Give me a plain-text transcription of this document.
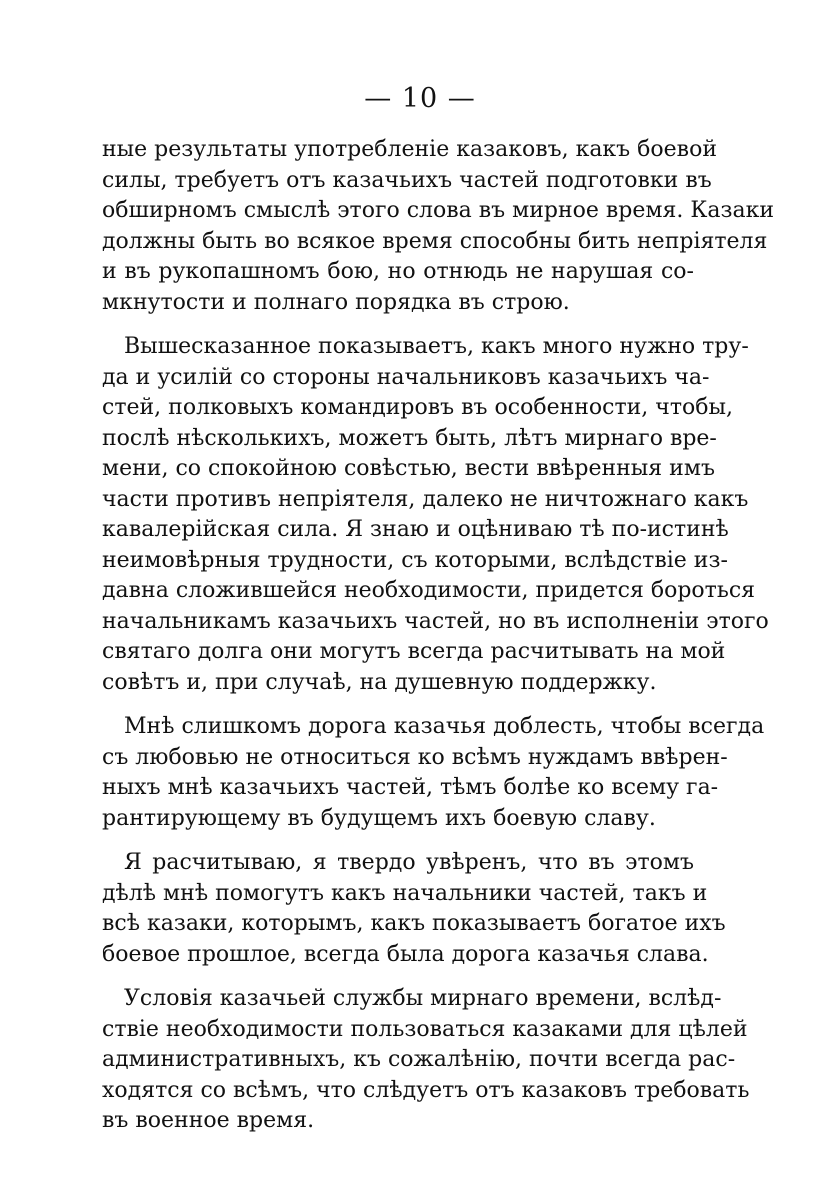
— 10 —
ные результаты употребленіе казаковъ, какъ боевой
силы, требуетъ отъ казачьихъ частей подготовки въ
обширномъ смыслѣ этого слова въ мирное время. Казаки
должны быть во всякое время способны бить непріятеля
и въ рукопашномъ бою, но отнюдь не нарушая со-
мкнутости и полнаго порядка въ строю.
Вышесказанное показываетъ, какъ много нужно тру-
да и усилій со стороны начальниковъ казачьихъ ча-
стей, полковыхъ командировъ въ особенности, чтобы,
послѣ нѣсколькихъ, можетъ быть, лѣтъ мирнаго вре-
мени, со спокойною совѣстью, вести ввѣренныя имъ
части противъ непріятеля, далеко не ничтожнаго какъ
кавалерійская сила. Я знаю и оцѣниваю тѣ по-истинѣ
неимовѣрныя трудности, съ которыми, вслѣдствіе из-
давна сложившейся необходимости, придется бороться
начальникамъ казачьихъ частей, но въ исполненіи этого
святаго долга они могутъ всегда расчитывать на мой
совѣтъ и, при случаѣ, на душевную поддержку.
Мнѣ слишкомъ дорога казачья доблесть, чтобы всегда
съ любовью не относиться ко всѣмъ нуждамъ ввѣрен-
ныхъ мнѣ казачьихъ частей, тѣмъ болѣе ко всему га-
рантирующему въ будущемъ ихъ боевую славу.
Я расчитываю, я твердо увѣренъ, что въ этомъ
дѣлѣ мнѣ помогутъ какъ начальники частей, такъ и
всѣ казаки, которымъ, какъ показываетъ богатое ихъ
боевое прошлое, всегда была дорога казачья слава.
Условія казачьей службы мирнаго времени, вслѣд-
ствіе необходимости пользоваться казаками для цѣлей
административныхъ, къ сожалѣнію, почти всегда рас-
ходятся со всѣмъ, что слѣдуетъ отъ казаковъ требовать
въ военное время.
